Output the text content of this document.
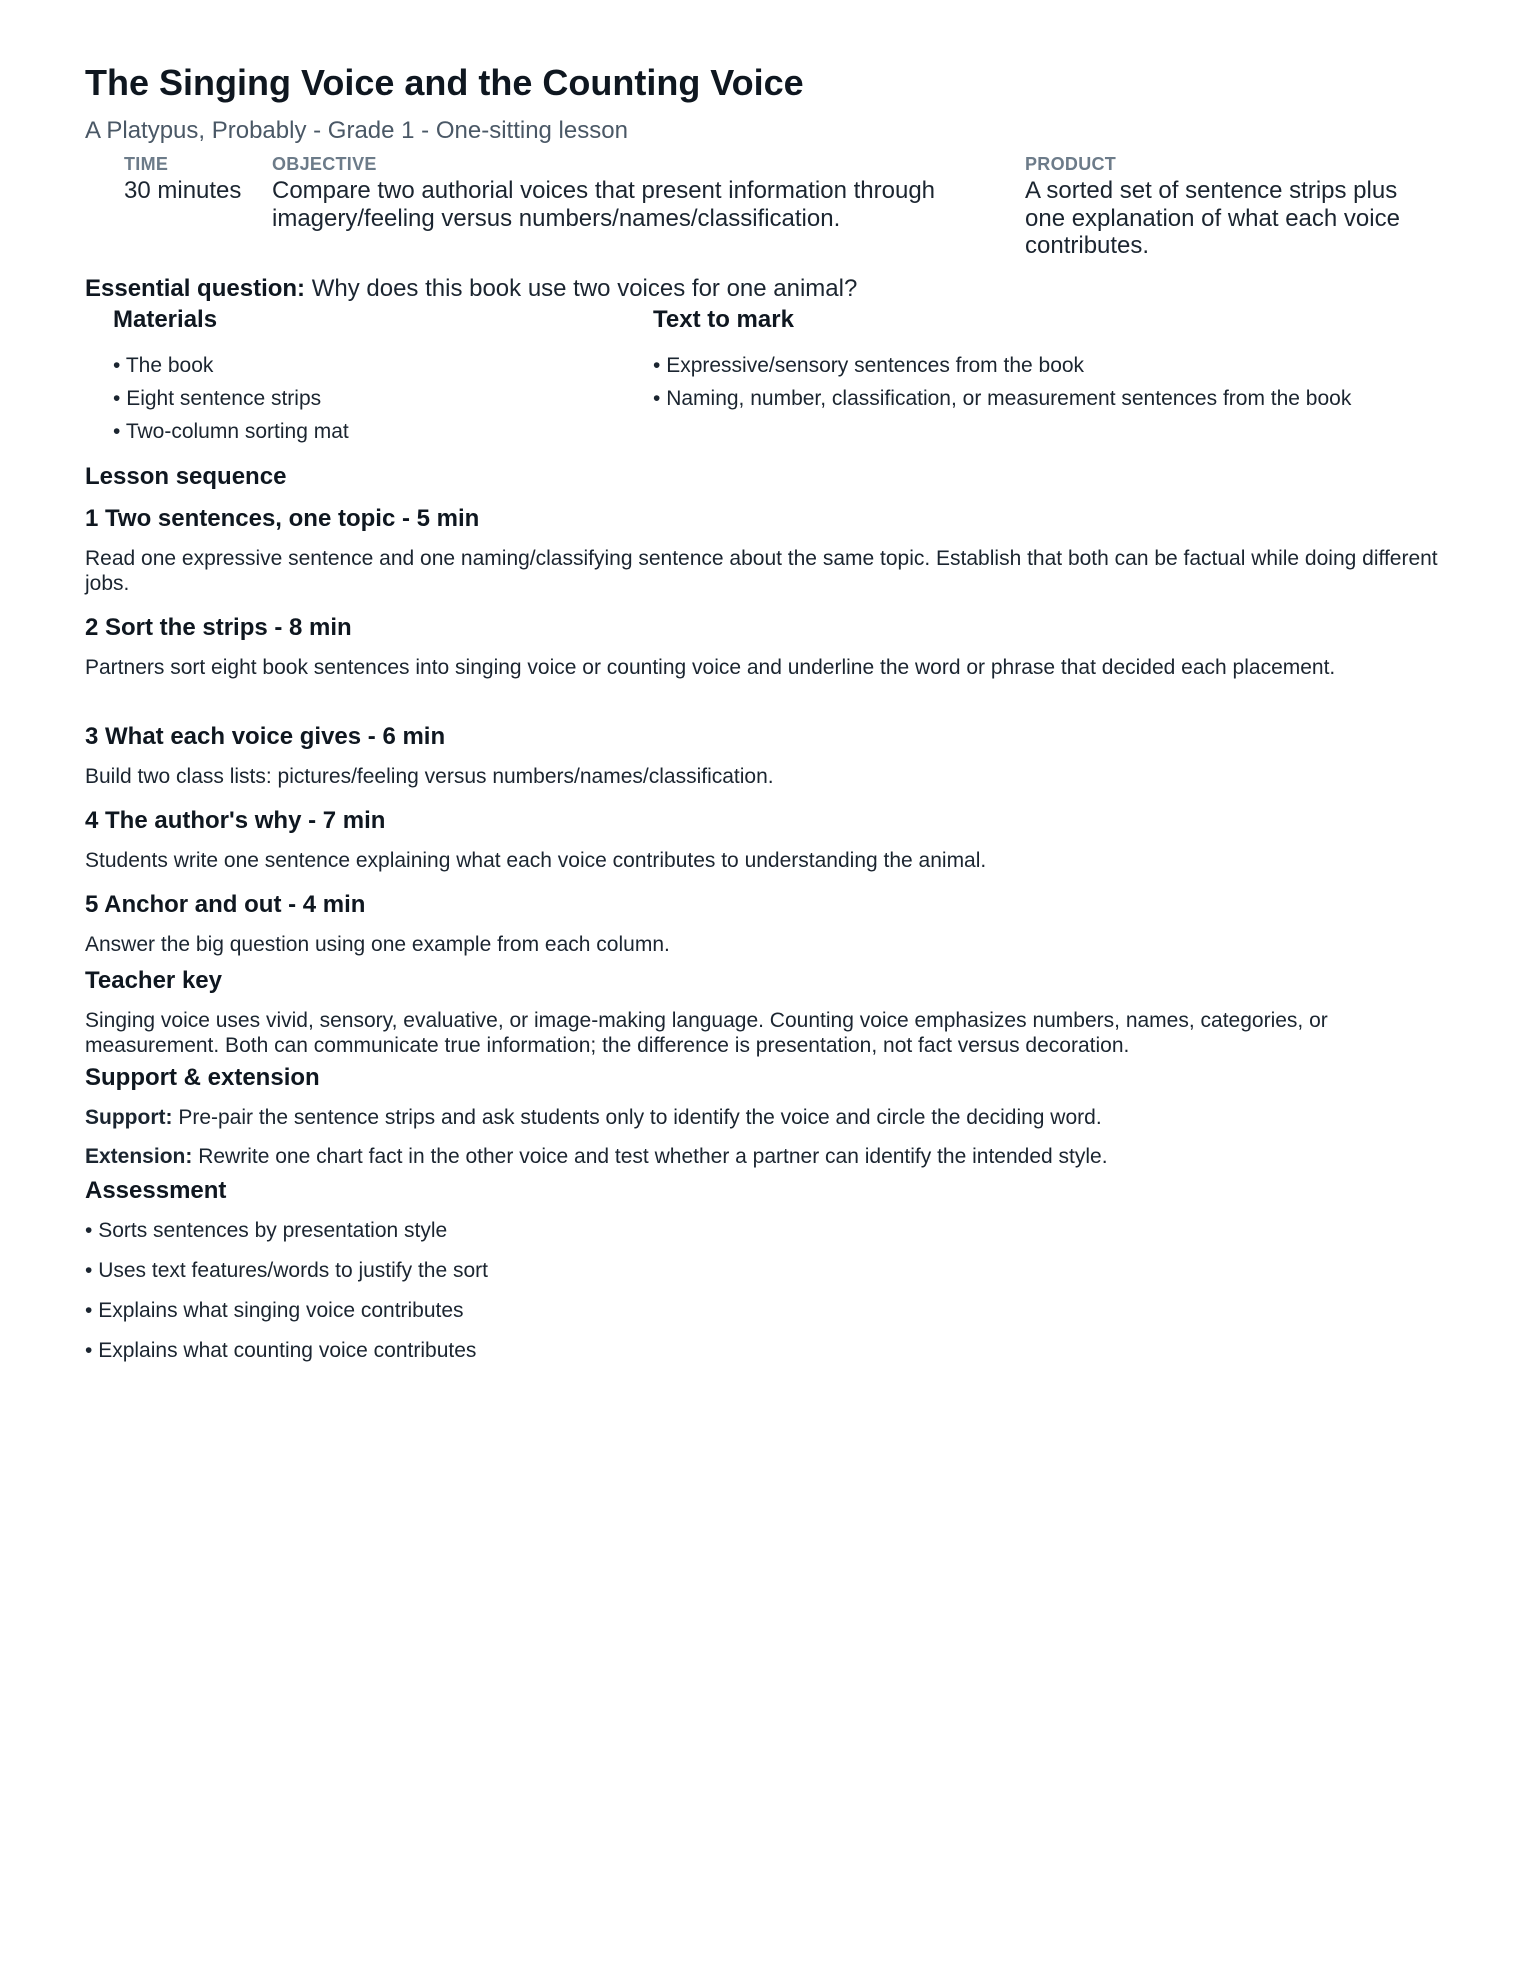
The Singing Voice and the Counting Voice
A Platypus, Probably - Grade 1 - One-sitting lesson
TIME
30 minutes
OBJECTIVE
Compare two authorial voices that present information through imagery/feeling versus numbers/names/classification.
PRODUCT
A sorted set of sentence strips plus one explanation of what each voice contributes.
Essential question: Why does this book use two voices for one animal?
Materials
• The book
• Eight sentence strips
• Two-column sorting mat
Text to mark
• Expressive/sensory sentences from the book
• Naming, number, classification, or measurement sentences from the book
Lesson sequence
1 Two sentences, one topic - 5 min
Read one expressive sentence and one naming/classifying sentence about the same topic. Establish that both can be factual while doing different jobs.
2 Sort the strips - 8 min
Partners sort eight book sentences into singing voice or counting voice and underline the word or phrase that decided each placement.
3 What each voice gives - 6 min
Build two class lists: pictures/feeling versus numbers/names/classification.
4 The author's why - 7 min
Students write one sentence explaining what each voice contributes to understanding the animal.
5 Anchor and out - 4 min
Answer the big question using one example from each column.
Teacher key
Singing voice uses vivid, sensory, evaluative, or image-making language. Counting voice emphasizes numbers, names, categories, or measurement. Both can communicate true information; the difference is presentation, not fact versus decoration.
Support & extension
Support: Pre-pair the sentence strips and ask students only to identify the voice and circle the deciding word.
Extension: Rewrite one chart fact in the other voice and test whether a partner can identify the intended style.
Assessment
• Sorts sentences by presentation style
• Uses text features/words to justify the sort
• Explains what singing voice contributes
• Explains what counting voice contributes
